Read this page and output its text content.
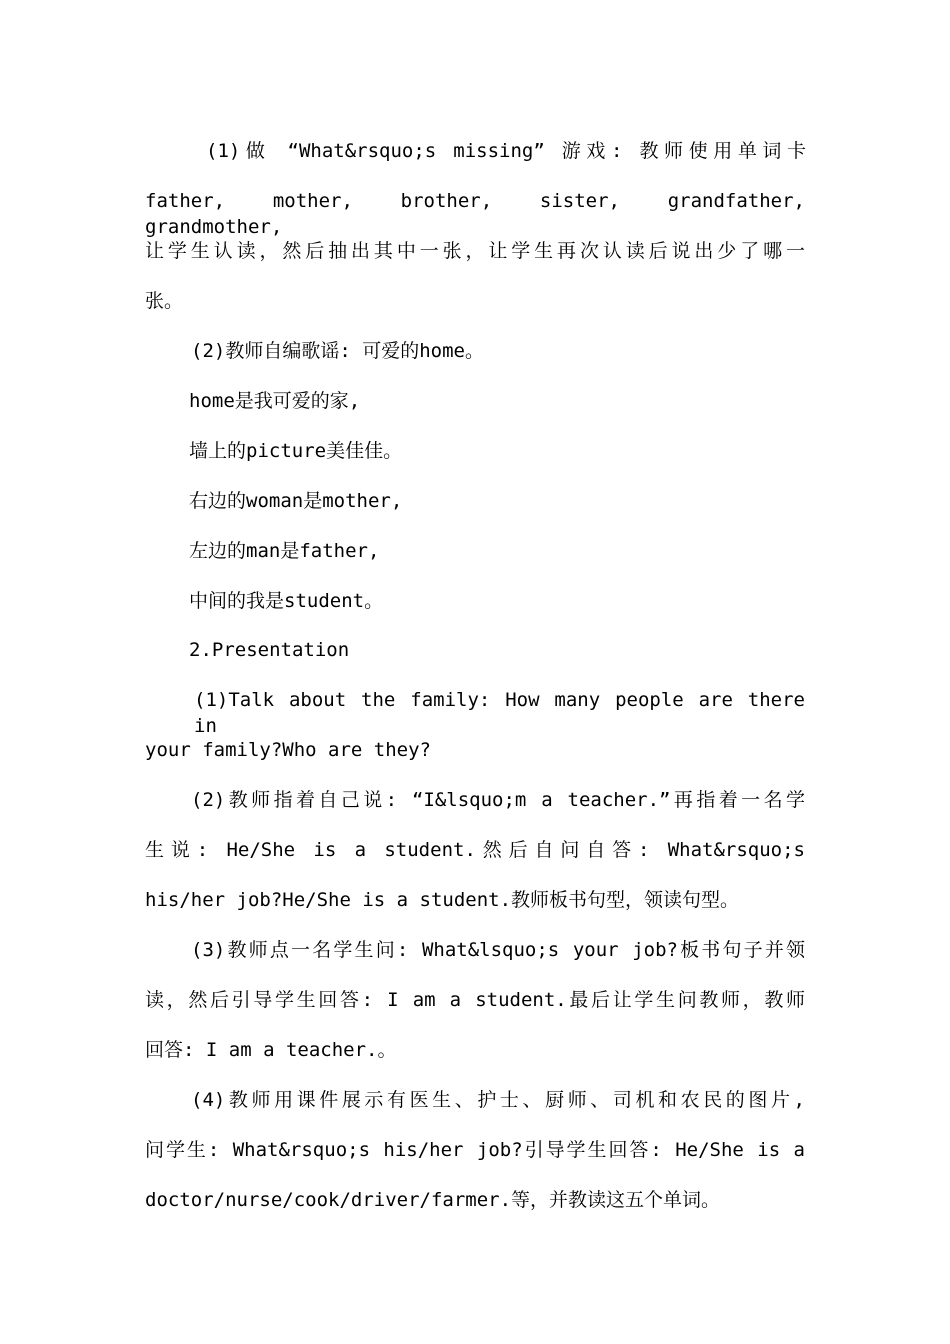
(1)做 “What&rsquo;s missing” 游戏: 教师使用单词卡
father, mother, brother, sister, grandfather, grandmother,
让学生认读，然后抽出其中一张，让学生再次认读后说出少了哪一
张。
(2)教师自编歌谣: 可爱的home。
home是我可爱的家,
墙上的picture美佳佳。
右边的woman是mother,
左边的man是father,
中间的我是student。
2.Presentation
(1)Talk about the family: How many people are there in
your family?Who are they?
(2)教师指着自己说: “I&lsquo;m a teacher.”再指着一名学
生说: He/She is a student.然后自问自答: What&rsquo;s
his/her job?He/She is a student.教师板书句型，领读句型。
(3)教师点一名学生问: What&lsquo;s your job?板书句子并领
读，然后引导学生回答: I am a student.最后让学生问教师，教师
回答: I am a teacher.。
(4)教师用课件展示有医生、护士、厨师、司机和农民的图片,
问学生: What&rsquo;s his/her job?引导学生回答: He/She is a
doctor/nurse/cook/driver/farmer.等，并教读这五个单词。
